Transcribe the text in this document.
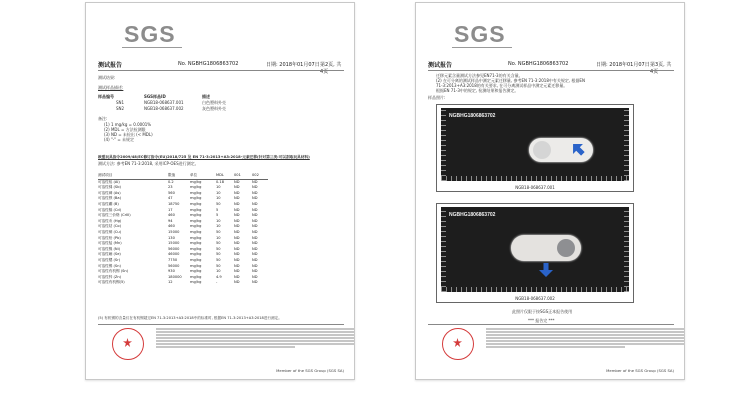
SGS
测试报告	No. NGBHG1806863702	日期: 2018年01月07日 第2页, 共4页
测试结果:
测试样品描述:
样品编号	SGS样品ID	描述
SN1	NGB18-068637.001	白色塑料外壳
SN2	NGB18-068637.002	灰色塑料外壳
备注:
(1) 1 mg/kg = 0.0001%
(2) MDL = 方法检测限
(3) ND = 未检出 (< MDL)
(4) "-" = 未规定
欧盟玩具指令2009/48/EC修订指令(EU)2018/725 及 EN 71-3:2013+A3:2018-元素迁移(针对第三类:可以刮取玩具材料)
测试方法: 参考EN 71-3:2018, 采用ICP-OES进行测定。
测试项目	限值	单位	MDL	001	002
可溶性铝 (Al)	0.2	mg/kg	0.18	ND	ND
可溶性锑 (Sb)	23	mg/kg	10	ND	ND
可溶性砷 (As)	560	mg/kg	10	ND	ND
可溶性钡 (Ba)	47	mg/kg	10	ND	ND
可溶性硼 (B)	18750	mg/kg	50	ND	ND
可溶性镉 (Cd)	17	mg/kg	5	ND	ND
可溶性三价铬 (CrIII)	460	mg/kg	5	ND	ND
可溶性汞 (Hg)	94	mg/kg	10	ND	ND
可溶性钴 (Co)	460	mg/kg	10	ND	ND
可溶性铜 (Cu)	15000	mg/kg	50	ND	ND
可溶性铅 (Pb)	130	mg/kg	10	ND	ND
可溶性锰 (Mn)	15000	mg/kg	50	ND	ND
可溶性镍 (Ni)	56000	mg/kg	50	ND	ND
可溶性硒 (Se)	46000	mg/kg	50	ND	ND
可溶性锶 (Sr)	7750	mg/kg	50	ND	ND
可溶性锡 (Sn)	56000	mg/kg	50	ND	ND
可溶性有机锡 (Sn)	930	mg/kg	10	ND	ND
可溶性锌 (Zn)	180000	mg/kg	4.9	ND	ND
可溶性有机锡(5)	12	mg/kg	-	ND	ND
(5) 有机锡的含量仅在有机锡超过EN 71-3:2013+A3:2018中的标准时, 根据EN 71-3:2013+A3:2018进行测定。
Member of the SGS Group (SGS SA)
SGS
测试报告	No. NGBHG1806863702	日期: 2018年01月07日 第3页, 共4页
迁移元素含量测试方法参见EN71-3的有关含量。
(2) 在可分离的测试样品中测定元素迁移量, 参考EN 71-3:2018中有关规定, 根据EN
71-3:2013+A3:2018的有关要求, 在可分离测试样品中测定元素迁移量。
根据EN 71-3中的规定, 检测结果和报告测定。
样品照片:
NGBHG1806863702
NGB18-068637.001
NGBHG1806863702
NGB18-068637.002
此照片仅限于按SGS正本报告使用
*** 报告完 ***
Member of the SGS Group (SGS SA)
